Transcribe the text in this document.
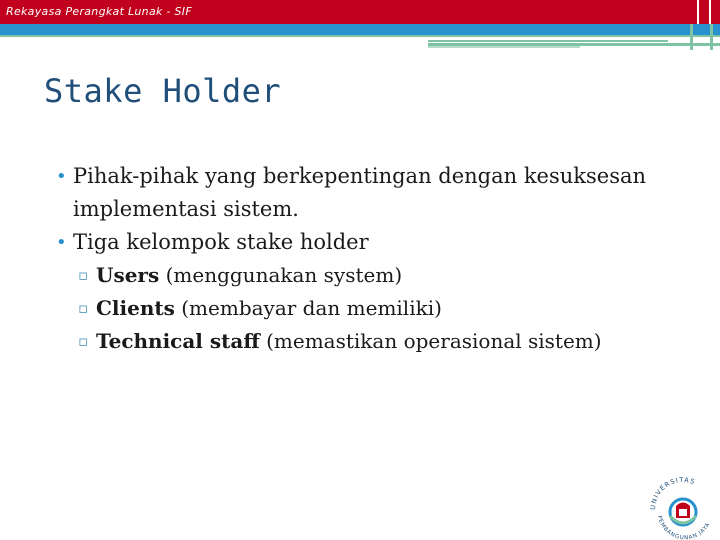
Rekayasa Perangkat Lunak - SIF
Stake Holder
• Pihak-pihak yang berkepentingan dengan kesuksesan implementasi sistem.
• Tiga kelompok stake holder
▫ Users (menggunakan system)
▫ Clients (membayar dan memiliki)
▫ Technical staff (memastikan operasional sistem)
UNIVERSITAS
PEMBANGUNAN JAYA
